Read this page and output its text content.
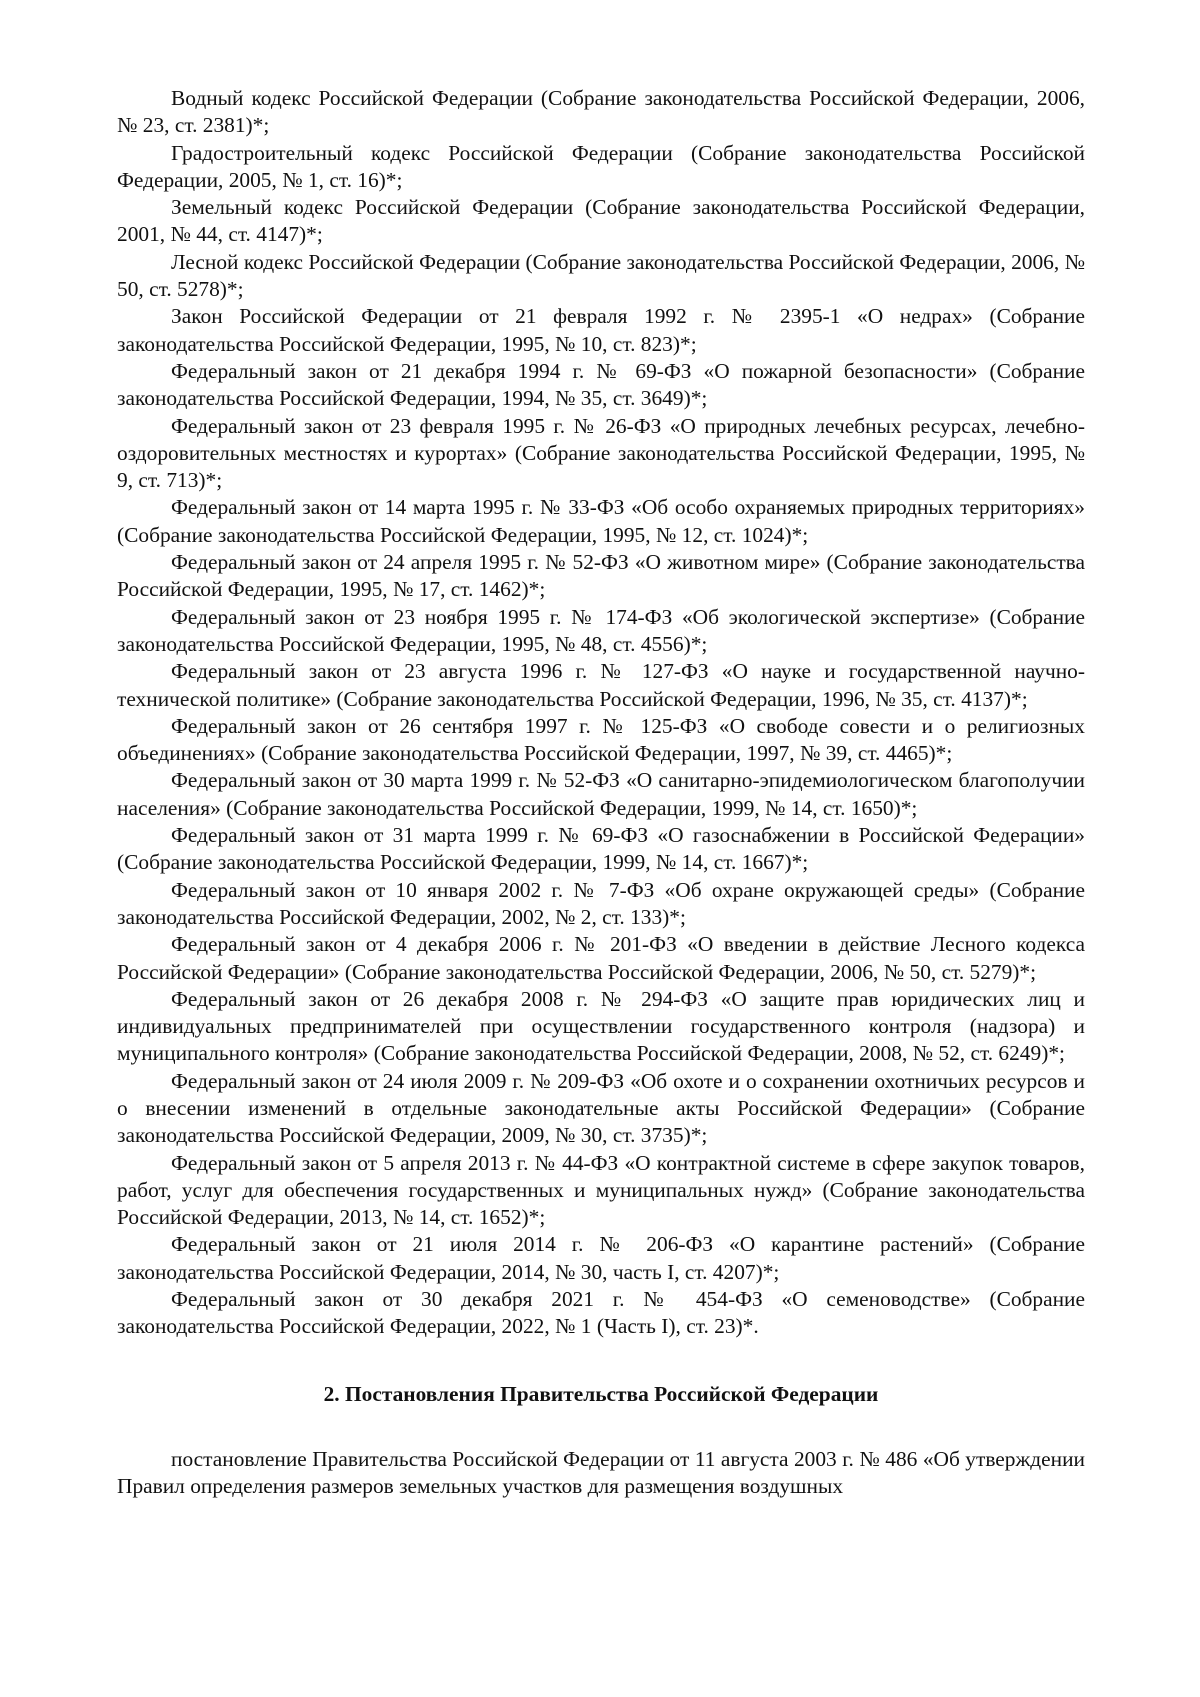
Водный кодекс Российской Федерации (Собрание законодательства Российской Федерации, 2006, № 23, ст. 2381)*;

Градостроительный кодекс Российской Федерации (Собрание законодательства Российской Федерации, 2005, № 1, ст. 16)*;

Земельный кодекс Российской Федерации (Собрание законодательства Российской Федерации, 2001, № 44, ст. 4147)*;

Лесной кодекс Российской Федерации (Собрание законодательства Российской Федерации, 2006, № 50, ст. 5278)*;

Закон Российской Федерации от 21 февраля 1992 г. № 2395-1 «О недрах» (Собрание законодательства Российской Федерации, 1995, № 10, ст. 823)*;

Федеральный закон от 21 декабря 1994 г. № 69-ФЗ «О пожарной безопасности» (Собрание законодательства Российской Федерации, 1994, № 35, ст. 3649)*;

Федеральный закон от 23 февраля 1995 г. № 26-ФЗ «О природных лечебных ресурсах, лечебно-оздоровительных местностях и курортах» (Собрание законодательства Российской Федерации, 1995, № 9, ст. 713)*;

Федеральный закон от 14 марта 1995 г. № 33-ФЗ «Об особо охраняемых природных территориях» (Собрание законодательства Российской Федерации, 1995, № 12, ст. 1024)*;

Федеральный закон от 24 апреля 1995 г. № 52-ФЗ «О животном мире» (Собрание законодательства Российской Федерации, 1995, № 17, ст. 1462)*;

Федеральный закон от 23 ноября 1995 г. № 174-ФЗ «Об экологической экспертизе» (Собрание законодательства Российской Федерации, 1995, № 48, ст. 4556)*;

Федеральный закон от 23 августа 1996 г. № 127-ФЗ «О науке и государственной научно-технической политике» (Собрание законодательства Российской Федерации, 1996, № 35, ст. 4137)*;

Федеральный закон от 26 сентября 1997 г. № 125-ФЗ «О свободе совести и о религиозных объединениях» (Собрание законодательства Российской Федерации, 1997, № 39, ст. 4465)*;

Федеральный закон от 30 марта 1999 г. № 52-ФЗ «О санитарно-эпидемиологическом благополучии населения» (Собрание законодательства Российской Федерации, 1999, № 14, ст. 1650)*;

Федеральный закон от 31 марта 1999 г. № 69-ФЗ «О газоснабжении в Российской Федерации» (Собрание законодательства Российской Федерации, 1999, № 14, ст. 1667)*;

Федеральный закон от 10 января 2002 г. № 7-ФЗ «Об охране окружающей среды» (Собрание законодательства Российской Федерации, 2002, № 2, ст. 133)*;

Федеральный закон от 4 декабря 2006 г. № 201-ФЗ «О введении в действие Лесного кодекса Российской Федерации» (Собрание законодательства Российской Федерации, 2006, № 50, ст. 5279)*;

Федеральный закон от 26 декабря 2008 г. № 294-ФЗ «О защите прав юридических лиц и индивидуальных предпринимателей при осуществлении государственного контроля (надзора) и муниципального контроля» (Собрание законодательства Российской Федерации, 2008, № 52, ст. 6249)*;

Федеральный закон от 24 июля 2009 г. № 209-ФЗ «Об охоте и о сохранении охотничьих ресурсов и о внесении изменений в отдельные законодательные акты Российской Федерации» (Собрание законодательства Российской Федерации, 2009, № 30, ст. 3735)*;

Федеральный закон от 5 апреля 2013 г. № 44-ФЗ «О контрактной системе в сфере закупок товаров, работ, услуг для обеспечения государственных и муниципальных нужд» (Собрание законодательства Российской Федерации, 2013, № 14, ст. 1652)*;

Федеральный закон от 21 июля 2014 г. № 206-ФЗ «О карантине растений» (Собрание законодательства Российской Федерации, 2014, № 30, часть I, ст. 4207)*;

Федеральный закон от 30 декабря 2021 г. № 454-ФЗ «О семеноводстве» (Собрание законодательства Российской Федерации, 2022, № 1 (Часть I), ст. 23)*.

2. Постановления Правительства Российской Федерации

постановление Правительства Российской Федерации от 11 августа 2003 г. № 486 «Об утверждении Правил определения размеров земельных участков для размещения воздушных
